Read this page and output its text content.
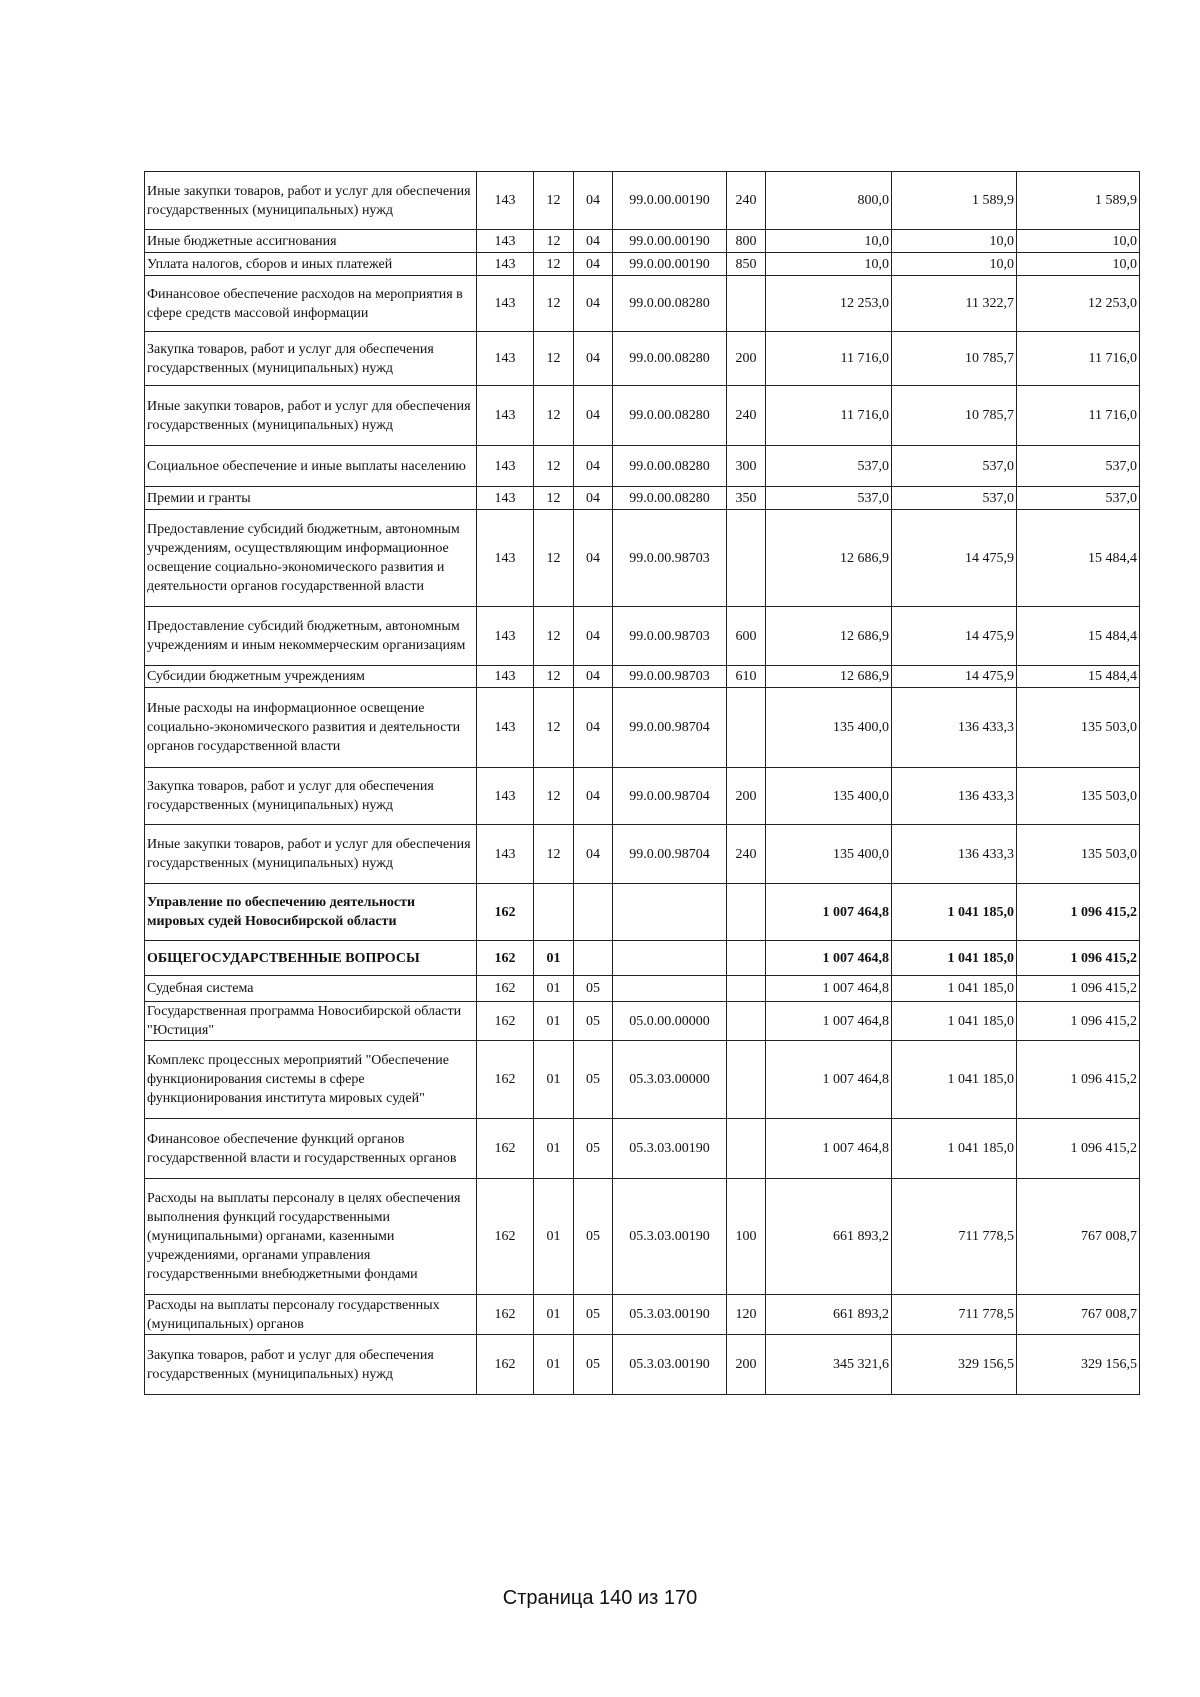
Иные закупки товаров, работ и услуг для обеспечения государственных (муниципальных) нужд	143	12	04	99.0.00.00190	240	800,0	1 589,9	1 589,9
Иные бюджетные ассигнования	143	12	04	99.0.00.00190	800	10,0	10,0	10,0
Уплата налогов, сборов и иных платежей	143	12	04	99.0.00.00190	850	10,0	10,0	10,0
Финансовое обеспечение расходов на мероприятия в сфере средств массовой информации	143	12	04	99.0.00.08280		12 253,0	11 322,7	12 253,0
Закупка товаров, работ и услуг для обеспечения государственных (муниципальных) нужд	143	12	04	99.0.00.08280	200	11 716,0	10 785,7	11 716,0
Иные закупки товаров, работ и услуг для обеспечения государственных (муниципальных) нужд	143	12	04	99.0.00.08280	240	11 716,0	10 785,7	11 716,0
Социальное обеспечение и иные выплаты населению	143	12	04	99.0.00.08280	300	537,0	537,0	537,0
Премии и гранты	143	12	04	99.0.00.08280	350	537,0	537,0	537,0
Предоставление субсидий бюджетным, автономным учреждениям, осуществляющим информационное освещение социально-экономического развития и деятельности органов государственной власти	143	12	04	99.0.00.98703		12 686,9	14 475,9	15 484,4
Предоставление субсидий бюджетным, автономным учреждениям и иным некоммерческим организациям	143	12	04	99.0.00.98703	600	12 686,9	14 475,9	15 484,4
Субсидии бюджетным учреждениям	143	12	04	99.0.00.98703	610	12 686,9	14 475,9	15 484,4
Иные расходы на информационное освещение социально-экономического развития и деятельности органов государственной власти	143	12	04	99.0.00.98704		135 400,0	136 433,3	135 503,0
Закупка товаров, работ и услуг для обеспечения государственных (муниципальных) нужд	143	12	04	99.0.00.98704	200	135 400,0	136 433,3	135 503,0
Иные закупки товаров, работ и услуг для обеспечения государственных (муниципальных) нужд	143	12	04	99.0.00.98704	240	135 400,0	136 433,3	135 503,0
Управление по обеспечению деятельности мировых судей Новосибирской области	162					1 007 464,8	1 041 185,0	1 096 415,2
ОБЩЕГОСУДАРСТВЕННЫЕ ВОПРОСЫ	162	01				1 007 464,8	1 041 185,0	1 096 415,2
Судебная система	162	01	05			1 007 464,8	1 041 185,0	1 096 415,2
Государственная программа Новосибирской области "Юстиция"	162	01	05	05.0.00.00000		1 007 464,8	1 041 185,0	1 096 415,2
Комплекс процессных мероприятий "Обеспечение функционирования системы в сфере функционирования института мировых судей"	162	01	05	05.3.03.00000		1 007 464,8	1 041 185,0	1 096 415,2
Финансовое обеспечение функций органов государственной власти и государственных органов	162	01	05	05.3.03.00190		1 007 464,8	1 041 185,0	1 096 415,2
Расходы на выплаты персоналу в целях обеспечения выполнения функций государственными (муниципальными) органами, казенными учреждениями, органами управления государственными внебюджетными фондами	162	01	05	05.3.03.00190	100	661 893,2	711 778,5	767 008,7
Расходы на выплаты персоналу государственных (муниципальных) органов	162	01	05	05.3.03.00190	120	661 893,2	711 778,5	767 008,7
Закупка товаров, работ и услуг для обеспечения государственных (муниципальных) нужд	162	01	05	05.3.03.00190	200	345 321,6	329 156,5	329 156,5
Страница 140 из 170
